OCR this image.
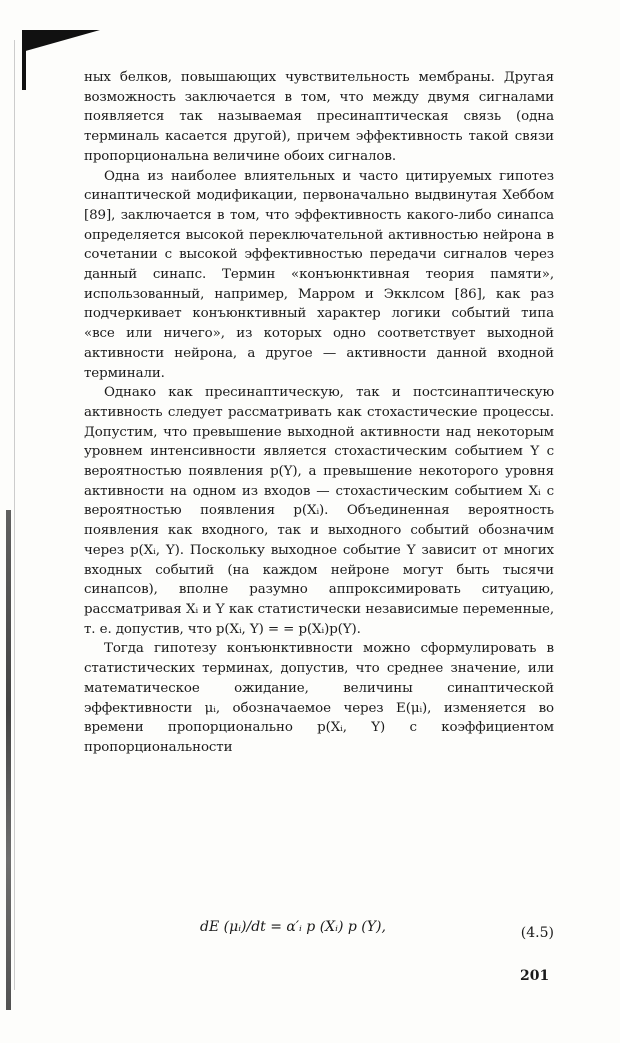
ных белков, повышающих чувствительность мембраны. Другая возможность заключается в том, что между двумя сигналами появляется так называемая пресинаптическая связь (одна терминаль касается другой), причем эффективность такой связи пропорциональна величине обоих сигналов.

Одна из наиболее влиятельных и часто цитируемых гипотез синаптической модификации, первоначально выдвинутая Хеббом [89], заключается в том, что эффективность какого-либо синапса определяется высокой переключательной активностью нейрона в сочетании с высокой эффективностью передачи сигналов через данный синапс. Термин «конъюнктивная теория памяти», использованный, например, Марром и Экклсом [86], как раз подчеркивает конъюнктивный характер логики событий типа «все или ничего», из которых одно соответствует выходной активности нейрона, а другое — активности данной входной терминали.

Однако как пресинаптическую, так и постсинаптическую активность следует рассматривать как стохастические процессы. Допустим, что превышение выходной активности над некоторым уровнем интенсивности является стохастическим событием Y с вероятностью появления p(Y), а превышение некоторого уровня активности на одном из входов — стохастическим событием Xᵢ с вероятностью появления p(Xᵢ). Объединенная вероятность появления как входного, так и выходного событий обозначим через p(Xᵢ, Y). Поскольку выходное событие Y зависит от многих входных событий (на каждом нейроне могут быть тысячи синапсов), вполне разумно аппроксимировать ситуацию, рассматривая Xᵢ и Y как статистически независимые переменные, т. е. допустив, что p(Xᵢ, Y) = = p(Xᵢ)p(Y).

Тогда гипотезу конъюнктивности можно сформулировать в статистических терминах, допустив, что среднее значение, или математическое ожидание, величины синаптической эффективности μᵢ, обозначаемое через E(μᵢ), изменяется во времени пропорционально p(Xᵢ, Y) с коэффициентом пропорциональности

dE (μᵢ)/dt = α′ᵢ p (Xᵢ) p (Y),	(4.5)
201
